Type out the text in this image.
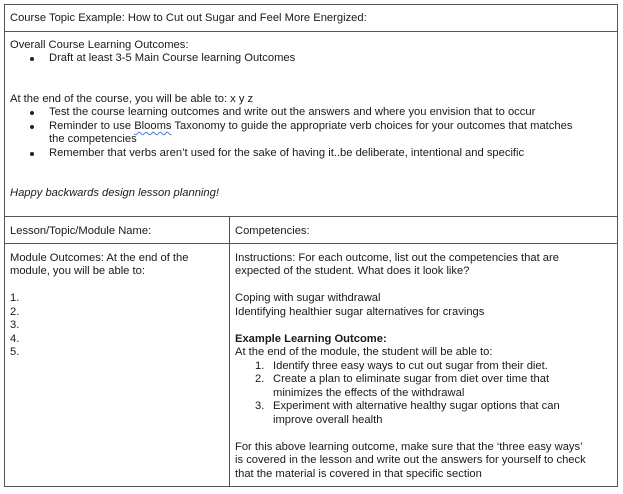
Course Topic Example: How to Cut out Sugar and Feel More Energized:
Overall Course Learning Outcomes:
Draft at least 3-5 Main Course learning Outcomes
At the end of the course, you will be able to: x y z
Test the course learning outcomes and write out the answers and where you envision that to occur
Reminder to use Blooms Taxonomy to guide the appropriate verb choices for your outcomes that matches
the competencies
Remember that verbs aren’t used for the sake of having it..be deliberate, intentional and specific
Happy backwards design lesson planning!
Lesson/Topic/Module Name:	Competencies:
Module Outcomes: At the end of the
module, you will be able to:
1.
2.
3.
4.
5.
Instructions: For each outcome, list out the competencies that are
expected of the student. What does it look like?
Coping with sugar withdrawal
Identifying healthier sugar alternatives for cravings
Example Learning Outcome:
At the end of the module, the student will be able to:
1. Identify three easy ways to cut out sugar from their diet.
2. Create a plan to eliminate sugar from diet over time that
minimizes the effects of the withdrawal
3. Experiment with alternative healthy sugar options that can
improve overall health
For this above learning outcome, make sure that the ‘three easy ways’
is covered in the lesson and write out the answers for yourself to check
that the material is covered in that specific section
